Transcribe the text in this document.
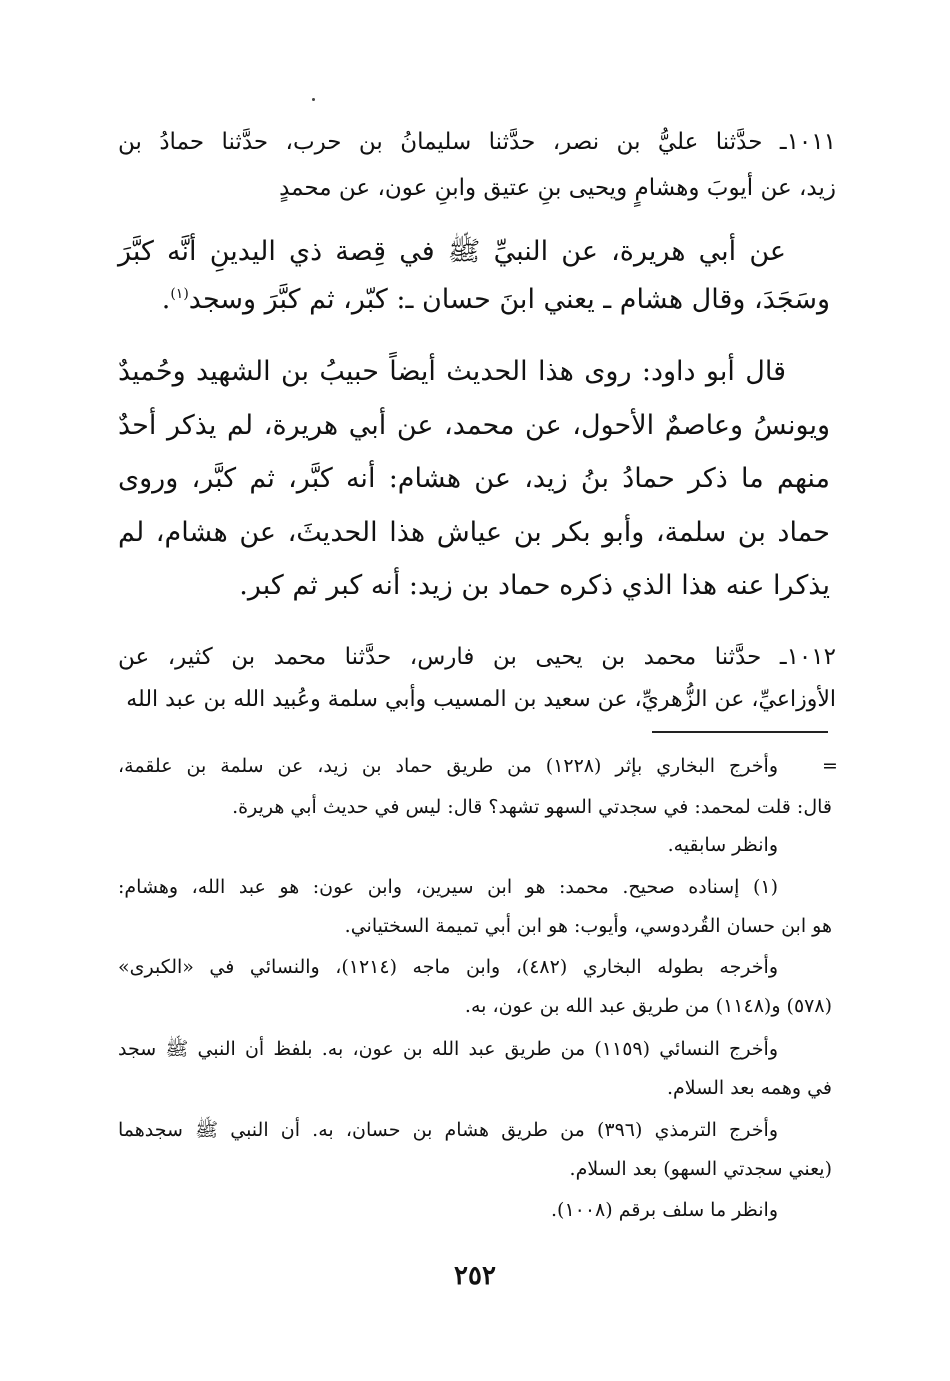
١٠١١ـ حدَّثنا عليُّ بن نصر، حدَّثنا سليمانُ بن حرب، حدَّثنا حمادُ بن
زيد، عن أيوبَ وهشامٍ ويحيى بنِ عتيق وابنِ عون، عن محمدٍ
عن أبي هريرة، عن النبيِّ ﷺ في قِصة ذي اليدينِ أنَّه كبَّرَ
وسَجَدَ، وقال هشام ـ يعني ابنَ حسان ـ: كبّر، ثم كبَّرَ وسجد$^{(١)}$.
قال أبو داود: روى هذا الحديث أيضاً حبيبُ بن الشهيد وحُميدٌ
ويونسُ وعاصمٌ الأحول، عن محمد، عن أبي هريرة، لم يذكر أحدٌ
منهم ما ذكر حمادُ بنُ زيد، عن هشام: أنه كبَّر، ثم كبَّر، وروى
حماد بن سلمة، وأبو بكر بن عياش هذا الحديثَ، عن هشام، لم
يذكرا عنه هذا الذي ذكره حماد بن زيد: أنه كبر ثم كبر.
١٠١٢ـ حدَّثنا محمد بن يحيى بن فارس، حدَّثنا محمد بن كثير، عن
الأوزاعيِّ، عن الزُّهريِّ، عن سعيد بن المسيب وأبي سلمة وعُبيد الله بن عبد الله
=
وأخرج البخاري بإثر (١٢٢٨) من طريق حماد بن زيد، عن سلمة بن علقمة،
قال: قلت لمحمد: في سجدتي السهو تشهد؟ قال: ليس في حديث أبي هريرة.
وانظر سابقيه.
(١) إسناده صحيح. محمد: هو ابن سيرين، وابن عون: هو عبد الله، وهشام:
هو ابن حسان القُردوسي، وأيوب: هو ابن أبي تميمة السختياني.
وأخرجه بطوله البخاري (٤٨٢)، وابن ماجه (١٢١٤)، والنسائي في «الكبرى»
(٥٧٨) و(١١٤٨) من طريق عبد الله بن عون، به.
وأخرج النسائي (١١٥٩) من طريق عبد الله بن عون، به. بلفظ أن النبي ﷺ سجد
في وهمه بعد السلام.
وأخرج الترمذي (٣٩٦) من طريق هشام بن حسان، به. أن النبي ﷺ سجدهما
(يعني سجدتي السهو) بعد السلام.
وانظر ما سلف برقم (١٠٠٨).
٢٥٢
